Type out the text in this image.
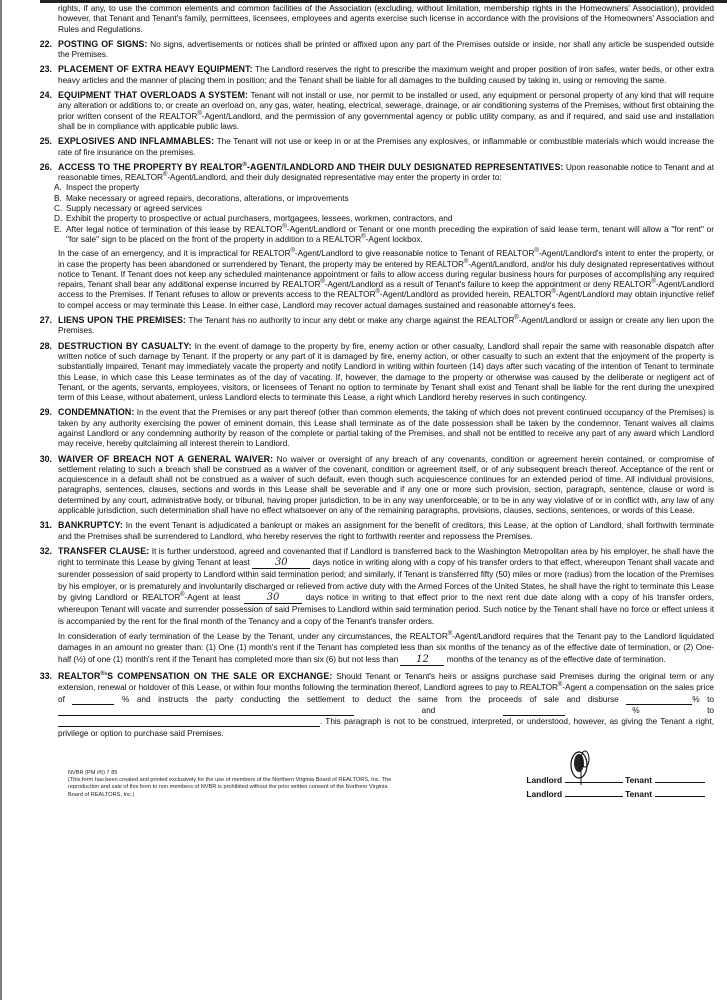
rights, if any, to use the common elements and common facilities of the Association (excluding, without limitation, membership rights in the Homeowners' Association), provided however, that Tenant and Tenant's family, permittees, licensees, employees and agents exercise such license in accordance with the provisions of the Homeowners' Association and Rules and Regulations.

22. POSTING OF SIGNS: No signs, advertisements or notices shall be printed or affixed upon any part of the Premises outside or inside, nor shall any article be suspended outside the Premises.

23. PLACEMENT OF EXTRA HEAVY EQUIPMENT: The Landlord reserves the right to prescribe the maximum weight and proper position of iron safes, water beds, or other extra heavy articles and the manner of placing them in position; and the Tenant shall be liable for all damages to the building caused by taking in, using or removing the same.

24. EQUIPMENT THAT OVERLOADS A SYSTEM: Tenant will not install or use, nor permit to be installed or used, any equipment or personal property of any kind that will require any alteration or additions to, or create an overload on, any gas, water, heating, electrical, sewerage, drainage, or air conditioning systems of the Premises, without first obtaining the prior written consent of the REALTOR®-Agent/Landlord, and the permission of any governmental agency or public utility company, as and if required, and said use and installation shall be in compliance with applicable public laws.

25. EXPLOSIVES AND INFLAMMABLES: The Tenant will not use or keep in or at the Premises any explosives, or inflammable or combustible materials which would increase the rate of fire insurance on the premises.

26. ACCESS TO THE PROPERTY BY REALTOR®-AGENT/LANDLORD AND THEIR DULY DESIGNATED REPRESENTATIVES: Upon reasonable notice to Tenant and at reasonable times, REALTOR®-Agent/Landlord, and their duly designated representative may enter the property in order to:

A. Inspect the property

B. Make necessary or agreed repairs, decorations, alterations, or improvements

C. Supply necessary or agreed services

D. Exhibit the property to prospective or actual purchasers, mortgagees, lessees, workmen, contractors, and

E. After legal notice of termination of this lease by REALTOR®-Agent/Landlord or Tenant or one month preceding the expiration of said lease term, tenant will allow a "for rent" or "for sale" sign to be placed on the front of the property in addition to a REALTOR®-Agent lockbox.

In the case of an emergency, and it is impractical for REALTOR®-Agent/Landlord to give reasonable notice to Tenant of REALTOR®-Agent/Landlord's intent to enter the property, or in case the property has been abandoned or surrendered by Tenant, the property may be entered by REALTOR®-Agent/Landlord, and/or his duly designated representatives without notice to Tenant. If Tenant does not keep any scheduled maintenance appointment or fails to allow access during regular business hours for purposes of accomplishing any required repairs, Tenant shall bear any additional expense incurred by REALTOR®-Agent/Landlord as a result of Tenant's failure to keep the appointment or deny REALTOR®-Agent/Landlord access to the Premises. If Tenant refuses to allow or prevents access to the REALTOR®-Agent/Landlord as provided herein, REALTOR®-Agent/Landlord may obtain injunctive relief to compel access or may terminate this Lease. In either case, Landlord may recover actual damages sustained and reasonable attorney's fees.

27. LIENS UPON THE PREMISES: The Tenant has no authority to incur any debt or make any charge against the REALTOR®-Agent/Landlord or assign or create any lien upon the Premises.

28. DESTRUCTION BY CASUALTY: In the event of damage to the property by fire, enemy action or other casualty, Landlord shall repair the same with reasonable dispatch after written notice of such damage by Tenant. If the property or any part of it is damaged by fire, enemy action, or other casualty to such an extent that the enjoyment of the property is substantially impaired, Tenant may immediately vacate the property and notify Landlord in writing within fourteen (14) days after such vacating of the intention of Tenant to terminate this Lease, in which case this Lease terminates as of the day of vacating. If, however, the damage to the property or otherwise was caused by the deliberate or negligent act of Tenant, or the agents, servants, employees, visitors, or licensees of Tenant no option to terminate by Tenant shall exist and Tenant shall be liable for the rent during the unexpired term of this Lease, without abatement, unless Landlord elects to terminate this Lease, a right which Landlord hereby reserves in such contingency.

29. CONDEMNATION: In the event that the Premises or any part thereof (other than common elements, the taking of which does not prevent continued occupancy of the Premises) is taken by any authority exercising the power of eminent domain, this Lease shall terminate as of the date possession shall be taken by the condemnor. Tenant waives all claims against Landlord or any condemning authority by reason of the complete or partial taking of the Premises, and shall not be entitled to receive any part of any award which Landlord may receive, hereby quitclaiming all interest therein to Landlord.

30. WAIVER OF BREACH NOT A GENERAL WAIVER: No waiver or oversight of any breach of any covenants, condition or agreement herein contained, or compromise of settlement relating to such a breach shall be construed as a waiver of the covenant, condition or agreement itself, or of any subsequent breach thereof. Acceptance of the rent or acquiescence in a default shall not be construed as a waiver of such default, even though such acquiescence continues for an extended period of time. All individual provisions, paragraphs, sentences, clauses, sections and words in this Lease shall be severable and if any one or more such provision, section, paragraph, sentence, clause or word is determined by any court, administrative body, or tribunal, having proper jurisdiction, to be in any way unenforceable, or to be in any way violative of or in conflict with, any law of any applicable jurisdiction, such determination shall have no effect whatsoever on any of the remaining paragraphs, provisions, clauses, sections, sentences, or words of this Lease.

31. BANKRUPTCY: In the event Tenant is adjudicated a bankrupt or makes an assignment for the benefit of creditors, this Lease, at the option of Landlord, shall forthwith terminate and the Premises shall be surrendered to Landlord, who hereby reserves the right to forthwith reenter and repossess the Premises.

32. TRANSFER CLAUSE: It is further understood, agreed and covenanted that if Landlord is transferred back to the Washington Metropolitan area by his employer, he shall have the right to terminate this Lease by giving Tenant at least	30	days notice in writing along with a copy of his transfer orders to that effect, whereupon Tenant shall vacate and surender possession of said property to Landlord within said termination period; and similarly, if Tenant is transferred fifty (50) miles or more (radius) from the location of the Premises by his employer, or is prematurely and involuntarily discharged or relieved from active duty with the Armed Forces of the United States, he shall have the right to terminate this Lease by giving Landlord or REALTOR®-Agent at least	30	days notice in writing to that effect prior to the next rent due date along with a copy of his transfer orders, whereupon Tenant will vacate and surrender possession of said Premises to Landlord within said termination period. Such notice by the Tenant shall have no force or effect unless it is accompanied by the rent for the final month of the Tenancy and a copy of the Tenant's transfer orders.

In consideration of early termination of the Lease by the Tenant, under any circumstances, the REALTOR®-Agent/Landlord requires that the Tenant pay to the Landlord liquidated damages in an amount no greater than: (1) One (1) month's rent if the Tenant has completed less than six months of the tenancy as of the effective date of termination, or (2) One-half (½) of one (1) month's rent if the Tenant has completed more than six (6) but not less than 12 months of the tenancy as of the effective date of termination.

33. REALTOR®'S COMPENSATION ON THE SALE OR EXCHANGE: Should Tenant or Tenant's heirs or assigns purchase said Premises during the original term or any extension, renewal or holdover of this Lease, or within four months following the termination thereof, Landlord agrees to pay to REALTOR®-Agent a compensation on the sales price of	% and instructs the party conducting the settlement to deduct the same from the proceeds of sale and disburse	% to   and	% to  . This paragraph is not to be construed, interpreted, or understood, however, as giving the Tenant a right, privilege or option to purchase said Premises.

NVBR (PM #5) 7 85
(This form has been created and printed exclusively for the use of members of the Northern Virginia Board of REALTORS, Inc. The reproduction and sale of this form to non members of NVBR is prohibited without the prior written consent of the Northern Virginia Board of REALTORS, Inc.)
Landlord	Tenant
Landlord	Tenant
